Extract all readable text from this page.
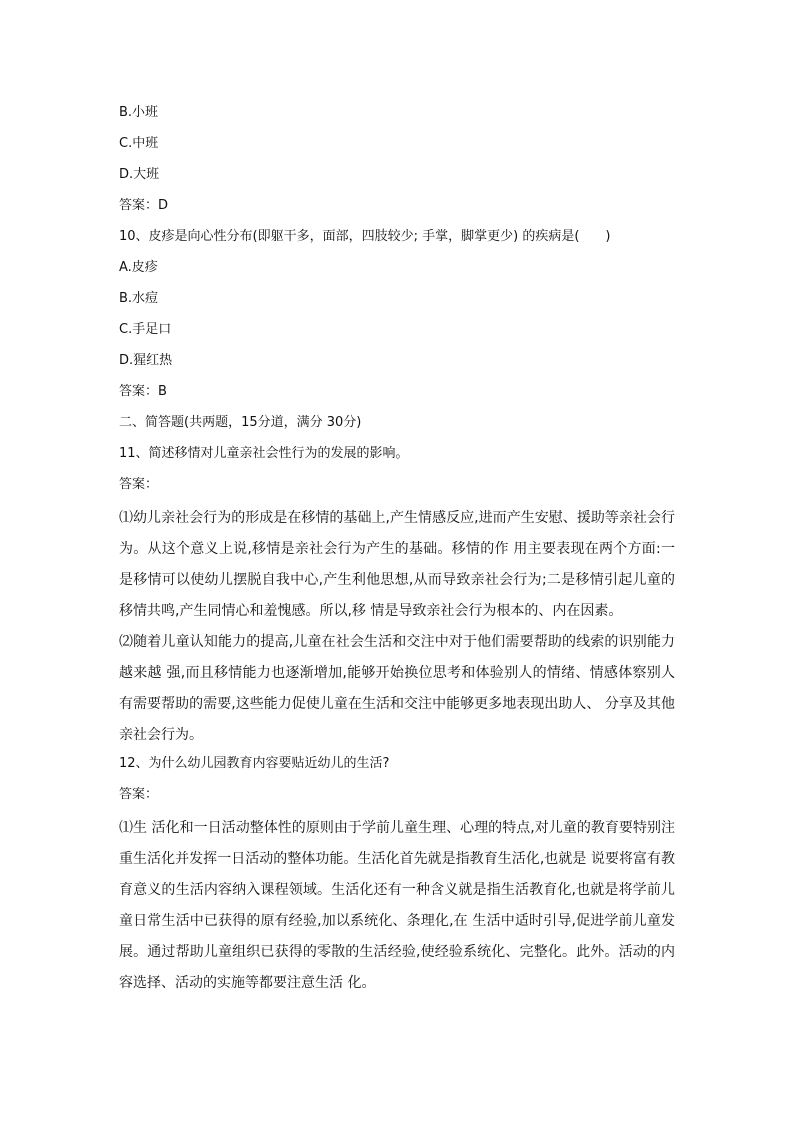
B.小班
C.中班
D.大班
答案：D
10、皮疹是向心性分布(即躯干多，面部，四肢较少; 手掌，脚掌更少) 的疾病是(　　)
A.皮疹
B.水痘
C.手足口
D.猩红热
答案：B
二、简答题(共两题，15分道，满分 30分)
11、简述移情对儿童亲社会性行为的发展的影响。
答案：

⑴幼儿亲社会行为的形成是在移情的基础上,产生情感反应,进而产生安慰、援助等亲社会行为。从这个意义上说,移情是亲社会行为产生的基础。移情的作 用主要表现在两个方面:一是移情可以使幼儿摆脱自我中心,产生利他思想,从而导致亲社会行为;二是移情引起儿童的移情共鸣,产生同情心和羞愧感。所以,移 情是导致亲社会行为根本的、内在因素。

⑵随着儿童认知能力的提高,儿童在社会生活和交注中对于他们需要帮助的线索的识别能力越来越 强,而且移情能力也逐渐增加,能够开始换位思考和体验别人的情绪、情感体察别人有需要帮助的需要,这些能力促使儿童在生活和交注中能够更多地表现出助人、 分享及其他亲社会行为。

12、为什么幼儿园教育内容要贴近幼儿的生活?
答案：

⑴生 活化和一日活动整体性的原则由于学前儿童生理、心理的特点,对儿童的教育要特别注重生活化并发挥一日活动的整体功能。生活化首先就是指教育生活化,也就是 说要将富有教育意义的生活内容纳入课程领域。生活化还有一种含义就是指生活教育化,也就是将学前儿童日常生活中已获得的原有经验,加以系统化、条理化,在 生活中适时引导,促进学前儿童发展。通过帮助儿童组织已获得的零散的生活经验,使经验系统化、完整化。此外。活动的内容选择、活动的实施等都要注意生活 化。
